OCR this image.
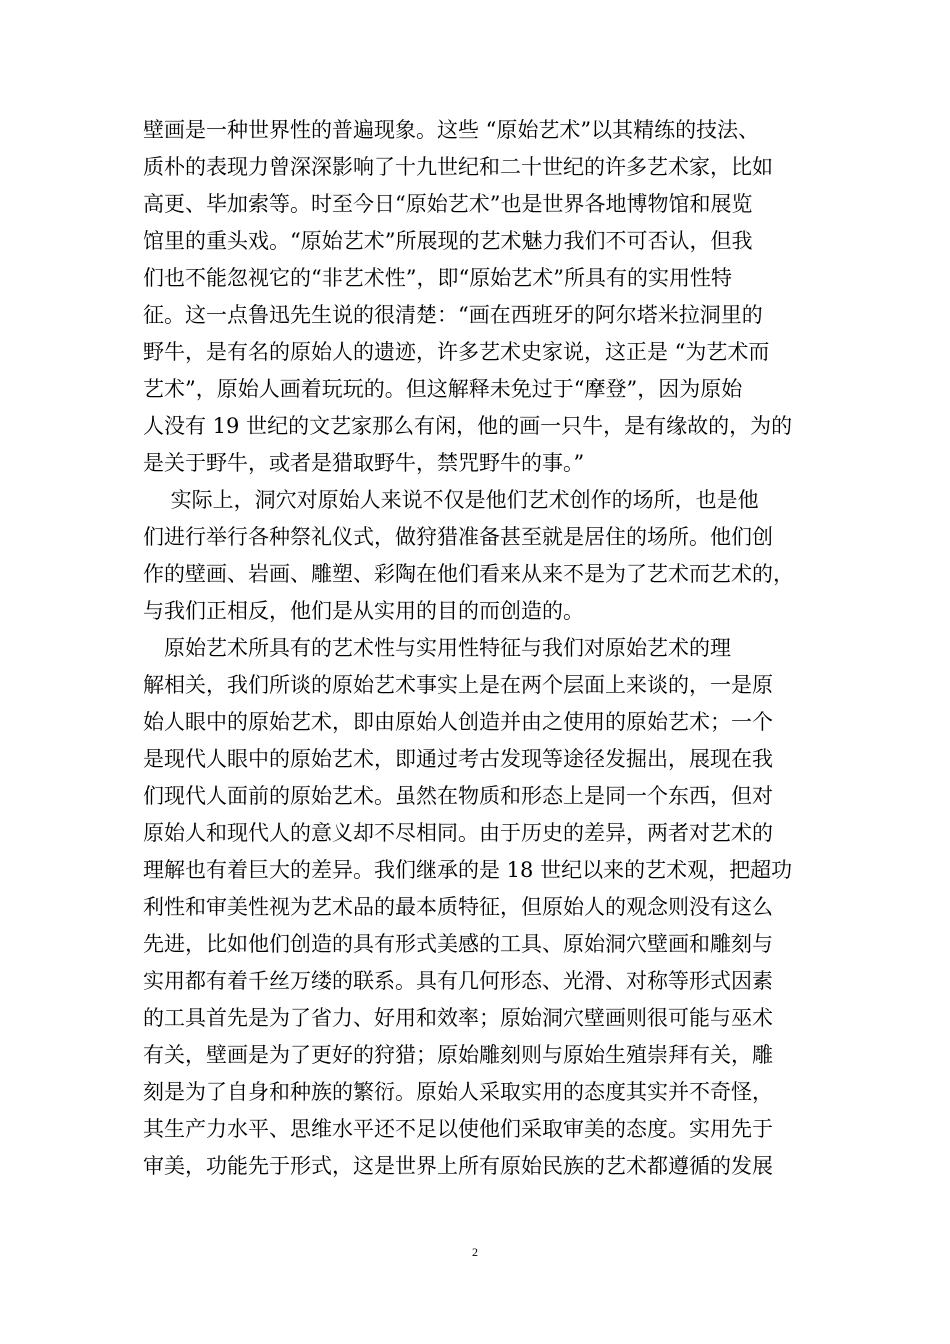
壁画是一种世界性的普遍现象。这些 “原始艺术”以其精练的技法、
质朴的表现力曾深深影响了十九世纪和二十世纪的许多艺术家，比如
高更、毕加索等。时至今日“原始艺术”也是世界各地博物馆和展览
馆里的重头戏。“原始艺术”所展现的艺术魅力我们不可否认，但我
们也不能忽视它的“非艺术性”，即“原始艺术”所具有的实用性特
征。这一点鲁迅先生说的很清楚：“画在西班牙的阿尔塔米拉洞里的
野牛，是有名的原始人的遗迹，许多艺术史家说，这正是 “为艺术而
艺术”，原始人画着玩玩的。但这解释未免过于“摩登”，因为原始
人没有 19 世纪的文艺家那么有闲，他的画一只牛，是有缘故的，为的
是关于野牛，或者是猎取野牛，禁咒野牛的事。”
　 实际上，洞穴对原始人来说不仅是他们艺术创作的场所，也是他
们进行举行各种祭礼仪式，做狩猎准备甚至就是居住的场所。他们创
作的壁画、岩画、雕塑、彩陶在他们看来从来不是为了艺术而艺术的，
与我们正相反，他们是从实用的目的而创造的。
　原始艺术所具有的艺术性与实用性特征与我们对原始艺术的理
解相关，我们所谈的原始艺术事实上是在两个层面上来谈的，一是原
始人眼中的原始艺术，即由原始人创造并由之使用的原始艺术；一个
是现代人眼中的原始艺术，即通过考古发现等途径发掘出，展现在我
们现代人面前的原始艺术。虽然在物质和形态上是同一个东西，但对
原始人和现代人的意义却不尽相同。由于历史的差异，两者对艺术的
理解也有着巨大的差异。我们继承的是 18 世纪以来的艺术观，把超功
利性和审美性视为艺术品的最本质特征，但原始人的观念则没有这么
先进，比如他们创造的具有形式美感的工具、原始洞穴壁画和雕刻与
实用都有着千丝万缕的联系。具有几何形态、光滑、对称等形式因素
的工具首先是为了省力、好用和效率；原始洞穴壁画则很可能与巫术
有关，壁画是为了更好的狩猎；原始雕刻则与原始生殖崇拜有关，雕
刻是为了自身和种族的繁衍。原始人采取实用的态度其实并不奇怪，
其生产力水平、思维水平还不足以使他们采取审美的态度。实用先于
审美，功能先于形式，这是世界上所有原始民族的艺术都遵循的发展
2
